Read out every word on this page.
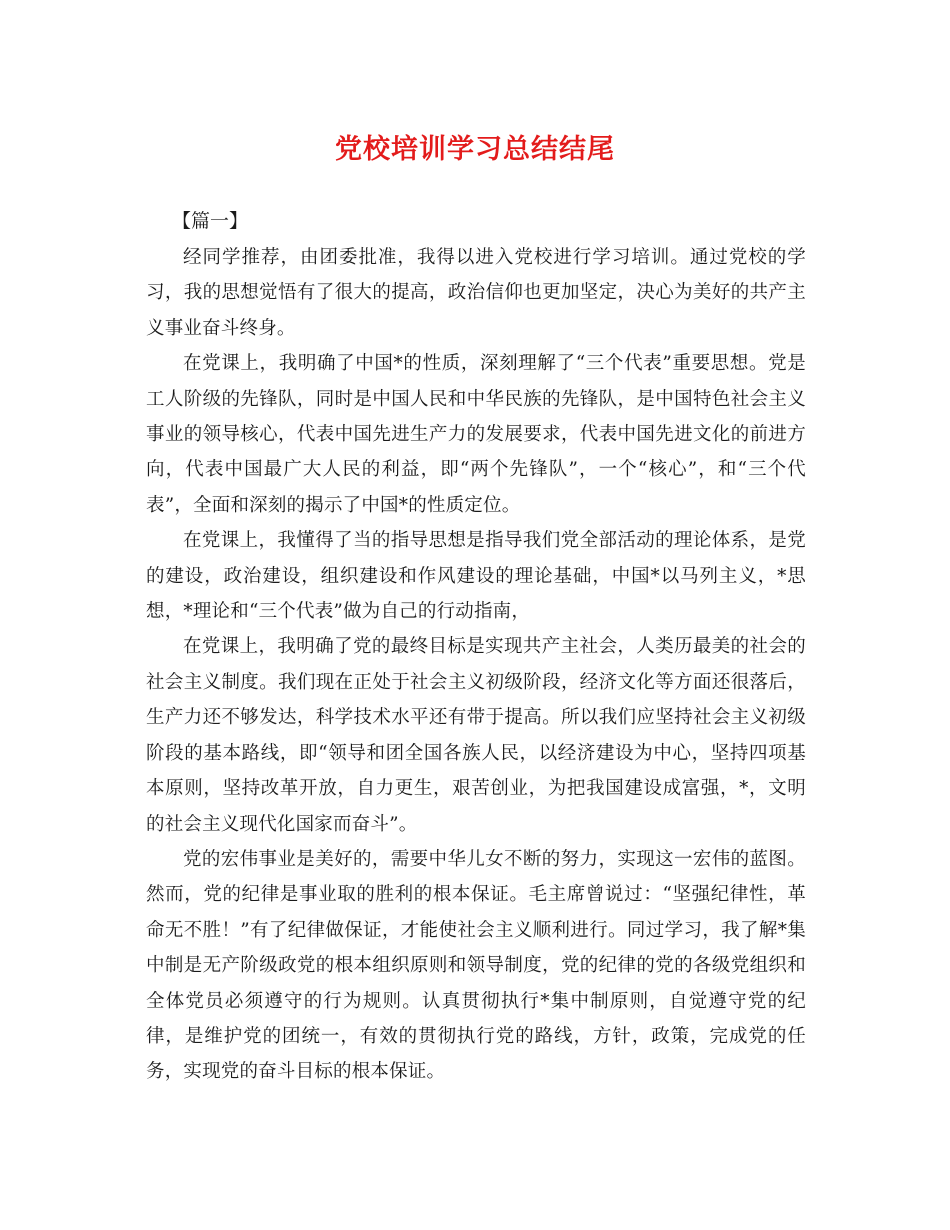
党校培训学习总结结尾
【篇一】

经同学推荐，由团委批准，我得以进入党校进行学习培训。通过党校的学习，我的思想觉悟有了很大的提高，政治信仰也更加坚定，决心为美好的共产主义事业奋斗终身。

在党课上，我明确了中国*的性质，深刻理解了“三个代表”重要思想。党是工人阶级的先锋队，同时是中国人民和中华民族的先锋队，是中国特色社会主义事业的领导核心，代表中国先进生产力的发展要求，代表中国先进文化的前进方向，代表中国最广大人民的利益，即“两个先锋队”，一个“核心”，和“三个代表”，全面和深刻的揭示了中国*的性质定位。

在党课上，我懂得了当的指导思想是指导我们党全部活动的理论体系，是党的建设，政治建设，组织建设和作风建设的理论基础，中国*以马列主义，*思想，*理论和“三个代表”做为自己的行动指南，

在党课上，我明确了党的最终目标是实现共产主社会，人类历最美的社会的社会主义制度。我们现在正处于社会主义初级阶段，经济文化等方面还很落后，生产力还不够发达，科学技术水平还有带于提高。所以我们应坚持社会主义初级阶段的基本路线，即“领导和团全国各族人民，以经济建设为中心，坚持四项基本原则，坚持改革开放，自力更生，艰苦创业，为把我国建设成富强，*，文明的社会主义现代化国家而奋斗”。

党的宏伟事业是美好的，需要中华儿女不断的努力，实现这一宏伟的蓝图。然而，党的纪律是事业取的胜利的根本保证。毛主席曾说过：“坚强纪律性，革命无不胜！”有了纪律做保证，才能使社会主义顺利进行。同过学习，我了解*集中制是无产阶级政党的根本组织原则和领导制度，党的纪律的党的各级党组织和全体党员必须遵守的行为规则。认真贯彻执行*集中制原则，自觉遵守党的纪律，是维护党的团统一，有效的贯彻执行党的路线，方针，政策，完成党的任务，实现党的奋斗目标的根本保证。
